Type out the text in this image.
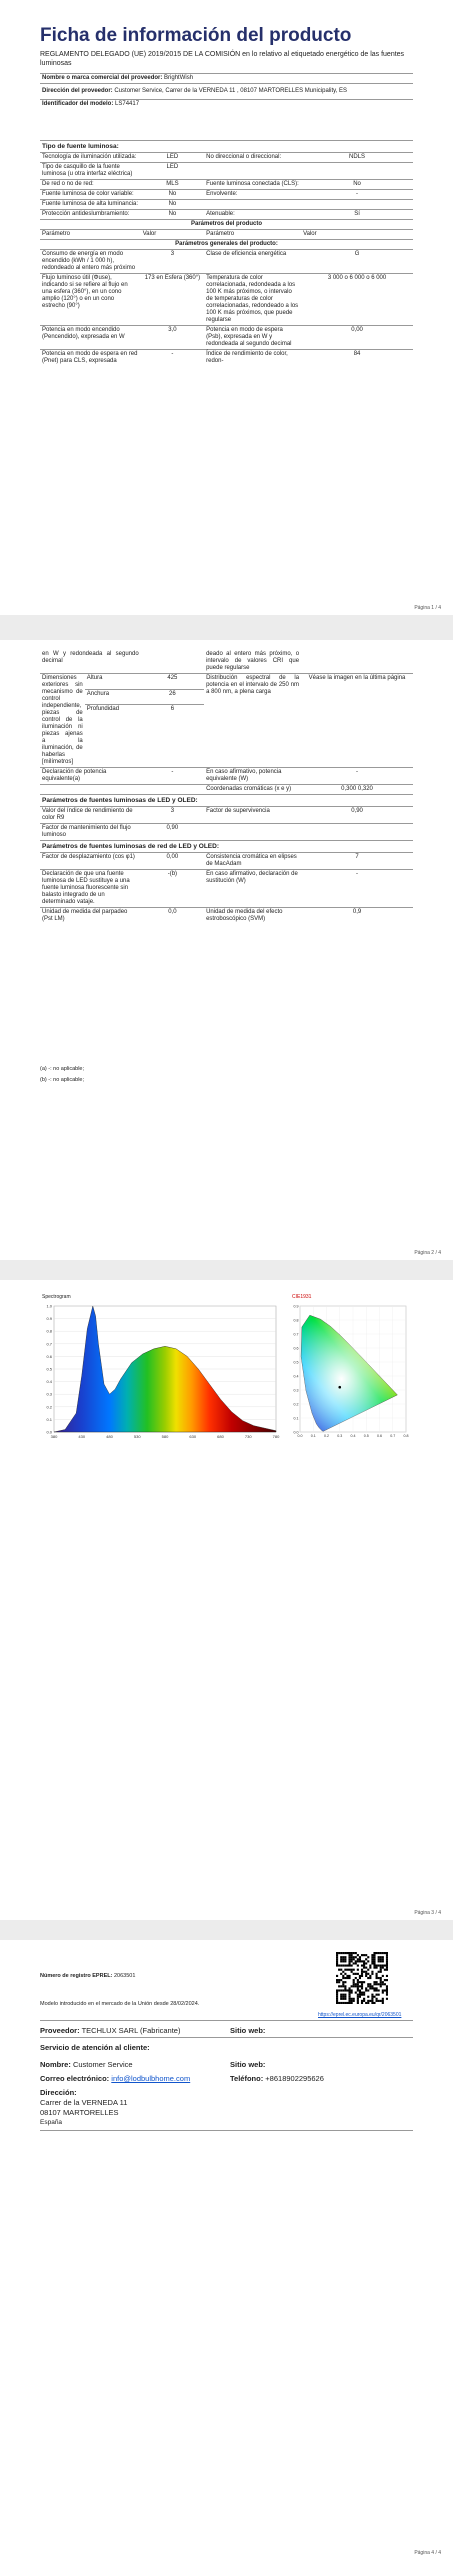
Ficha de información del producto
REGLAMENTO DELEGADO (UE) 2019/2015 DE LA COMISIÓN en lo relativo al etiquetado energético de las fuentes luminosas
Nombre o marca comercial del proveedor: BrightWish
Dirección del proveedor: Customer Service, Carrer de la VERNEDA 11 , 08107 MARTORELLES Municipality, ES
Identificador del modelo: LS74417
Tipo de fuente luminosa:			
Tecnología de iluminación utilizada:	LED	No direccional o direccional:	NDLS
Tipo de casquillo de la fuente luminosa (u otra interfaz eléctrica)	LED		
De red o no de red:	MLS	Fuente luminosa conectada (CLS):	No
Fuente luminosa de color variable:	No	Envolvente:	-
Fuente luminosa de alta luminancia:	No		
Protección antideslumbramiento:	No	Atenuable:	Sí
Parámetros del producto			
Parámetro	Valor	Parámetro	Valor
Parámetros generales del producto:			
Consumo de energía en modo encendido (kWh / 1 000 h), redondeado al entero más próximo	3	Clase de eficiencia energética	G
Flujo luminoso útil (Φuse), indicando si se refiere al flujo en una esfera (360°), en un cono amplio (120°) o en un cono estrecho (90°)	173 en Esfera (360°)	Temperatura de color correlacionada, redondeada a los 100 K más próximos, o intervalo de temperaturas de color correlacionadas, redondeado a los 100 K más próximos, que puede regularse	3 000 o 6 000 o 6 000
Potencia en modo encendido (Pencendido), expresada en W	3,0	Potencia en modo de espera (Psb), expresada en W y redondeada al segundo decimal	0,00
Potencia en modo de espera en red (Pnet) para CLS, expresada	-	Índice de rendimiento de color, redon-	84
Página 1 / 4
en W y redondeada al segundo decimal			deado al entero más próximo, o intervalo de valores CRI que puede regularse	
Dimensiones exteriores sin mecanismo de control independiente, piezas de control de la iluminación ni piezas ajenas a la iluminación, de haberlas [milímetros]	Altura	425	Distribución espectral de la potencia en el intervalo de 250 nm a 800 nm, a plena carga	Véase la imagen en la última página
	Anchura	26		
	Profundidad	6		
Declaración de potencia equivalente(a)		-	En caso afirmativo, potencia equivalente (W)	-
			Coordenadas cromáticas (x e y)	0,300 0,320
Parámetros de fuentes luminosas de LED y OLED:				
Valor del índice de rendimiento de color R9		3	Factor de supervivencia	0,90
Factor de mantenimiento del flujo luminoso		0,90		
Parámetros de fuentes luminosas de red de LED y OLED:				
Factor de desplazamiento (cos φ1)		0,00	Consistencia cromática en elipses de MacAdam	7
Declaración de que una fuente luminosa de LED sustituye a una fuente luminosa fluorescente sin balasto integrado de un determinado vataje.		-(b)	En caso afirmativo, declaración de sustitución (W)	-
Unidad de medida del parpadeo (Pst LM)		0,0	Unidad de medida del efecto estroboscópico (SVM)	0,9
(a) -: no aplicable;
(b) -: no aplicable;
Página 2 / 4
Spectrogram
0.0
0.1
0.2
0.3
0.4
0.5
0.6
0.7
0.8
0.9
1.0
380	430	480	530	580	630	680	730	780
CIE1931
0.0
0.1
0.2
0.3
0.4
0.5
0.6
0.7
0.8
0.9
0.0 0.1 0.2 0.3 0.4 0.5 0.6 0.7 0.8
Página 3 / 4
Número de registro EPREL: 2063501
Modelo introducido en el mercado de la Unión desde 28/02/2024.
https://eprel.ec.europa.eu/qr/2063501
Proveedor: TECHLUX SARL (Fabricante)	Sitio web:
Servicio de atención al cliente:
Nombre: Customer Service	Sitio web:
Correo electrónico: info@lodbulbhome.com	Teléfono: +8618902295626
Dirección:
Carrer de la VERNEDA 11
08107 MARTORELLES
España
Página 4 / 4
